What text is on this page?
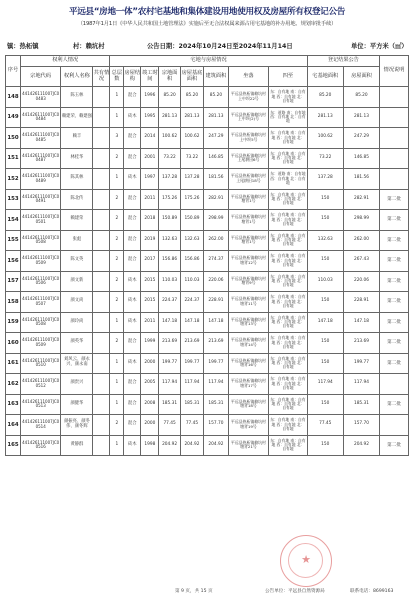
平远县“房地一体”农村宅基地和集体建设用地使用权及房屋所有权登记公告
（1987年1月1日《中华人民共和国土地管理法》实施后至无合法权属来源占用宅基地的补办用地、规划审批手续）
镇：热柘镇	村：赖坑村	公告日期：2024年10月24日至2024年11月14日	单位：平方米（㎡）
序号	权利人情况			宅地与房屋情况								登记结果公告		情况说明
	宗地代码	权利人名称	共有情况	总层数	房屋结构	竣工时间	宗地面积	房屋基底面积	建筑面积	坐落	四至	宅基地面积	房屋面积	
148	441426111007JC00483	陈玉林		1	混合	1996	85.20	85.20	85.20	平远县热柘镇赖坑村上中坝22号	东：自有地 南：自有地 西：自有地 北：自有地	85.20	85.20	
149	441426111007JC00484	赖建荣、赖建强		1	砖木	1995	281.13	281.13	281.13	平远县热柘镇赖坑村上中坝(2)号	东：道路 南：自有地 西：自有地 北：自有地	281.13	281.13	
150	441426111007JC00485	赖丰		3	混合	2014	100.62	100.62	247.29	平远县热柘镇赖坑村上中坝5号	东：自有地 南：自有地 西：自有地 北：自有地	100.62	247.29	
151	441426111007JC00487	林桂华		2	混合	2001	73.22	73.22	146.85	平远县热柘镇赖坑村上尾耕田6号	东：自有地 南：自有地 西：自有地 北：自有地	73.22	146.85	
152	441426111007JC00489	陈其林		1	砖木	1997	137.28	137.28	181.56	平远县热柘镇赖坑村上尾耕田18号	东：道路 南：自有地 西：自有地 北：自有地	137.28	181.56	
153	441426111007JC00491	陈北传		2	混合	2011	175.26	175.26	282.91	平远县热柘镇赖坑村塘背1号	东：自有地 南：自有地 西：自有地 北：自有地	150	282.91	第二批
154	441426111007JC00501	赖建荣		2	混合	2018	150.89	150.89	298.99	平远县热柘镇赖坑村塘背1号	东：自有地 南：自有地 西：自有地 北：自有地	150	298.99	第二批
155	441426111007JC00508	张彪		2	混合	2019	132.63	132.63	262.00	平远县热柘镇赖坑村塘背1号	东：自有地 南：自有地 西：自有地 北：自有地	132.63	262.00	第二批
156	441426111007JC00509	陈文英		2	混合	2017	156.86	156.86	274.37	平远县热柘镇赖坑村塘背12号	东：自有地 南：自有地 西：自有地 北：自有地	150	267.43	第二批
157	441426111007JC00506	颜文新		2	砖木	2015	110.03	110.03	220.06	平远县热柘镇赖坑村塘背9号	东：自有地 南：自有地 西：自有地 北：自有地	110.03	220.06	第二批
158	441426111007JC00507	颜文尚		2	砖木	2015	224.37	224.37	228.91	平远县热柘镇赖坑村塘背11号	东：自有地 南：自有地 西：自有地 北：自有地	150	228.91	第二批
159	441426111007JC00508	颜玲尚		1	砖木	2011	147.18	147.18	147.18	平远县热柘镇赖坑村塘背13号	东：自有地 南：自有地 西：自有地 北：自有地	147.18	147.18	第二批
160	441426111007JC00509	颜英华		2	混合	1999	213.69	213.69	213.69	平远县热柘镇赖坑村塘背14号	东：自有地 南：自有地 西：自有地 北：自有地	150	213.69	第二批
161	441426111007JC00510	刘风云、颜永兴、颜永南		1	砖木	2000	199.77	199.77	199.77	平远县热柘镇赖坑村塘背16号	东：自有地 南：自有地 西：自有地 北：自有地	150	199.77	第二批
162	441426111007JC00512	颜贵兴		1	混合	2005	117.94	117.94	117.94	平远县热柘镇赖坑村塘背17号	东：自有地 南：自有地 西：自有地 北：自有地	117.94	117.94	
163	441426111007JC00513	颜健华		1	混合	2008	185.31	185.31	185.31	平远县热柘镇赖坑村塘背18号	东：自有地 南：自有地 西：自有地 北：自有地	150	185.31	第二批
164	441426111007JC00514	颜振亮、颜冬伟、颜冬辉		2	混合	2000	77.45	77.45	157.70	平远县热柘镇赖坑村塘背19号	东：自有地 南：自有地 西：自有地 北：自有地	77.45	157.70	
165	441426111007JC00516	黄静群		1	砖木	1998	204.92	204.92	204.92	平远县热柘镇赖坑村塘背21号	东：自有地 南：自有地 西：自有地 北：自有地	150	204.92	第二批
★
第 9 页，共 15 页	公告单位：平远县自然资源局	联系电话：8699163
